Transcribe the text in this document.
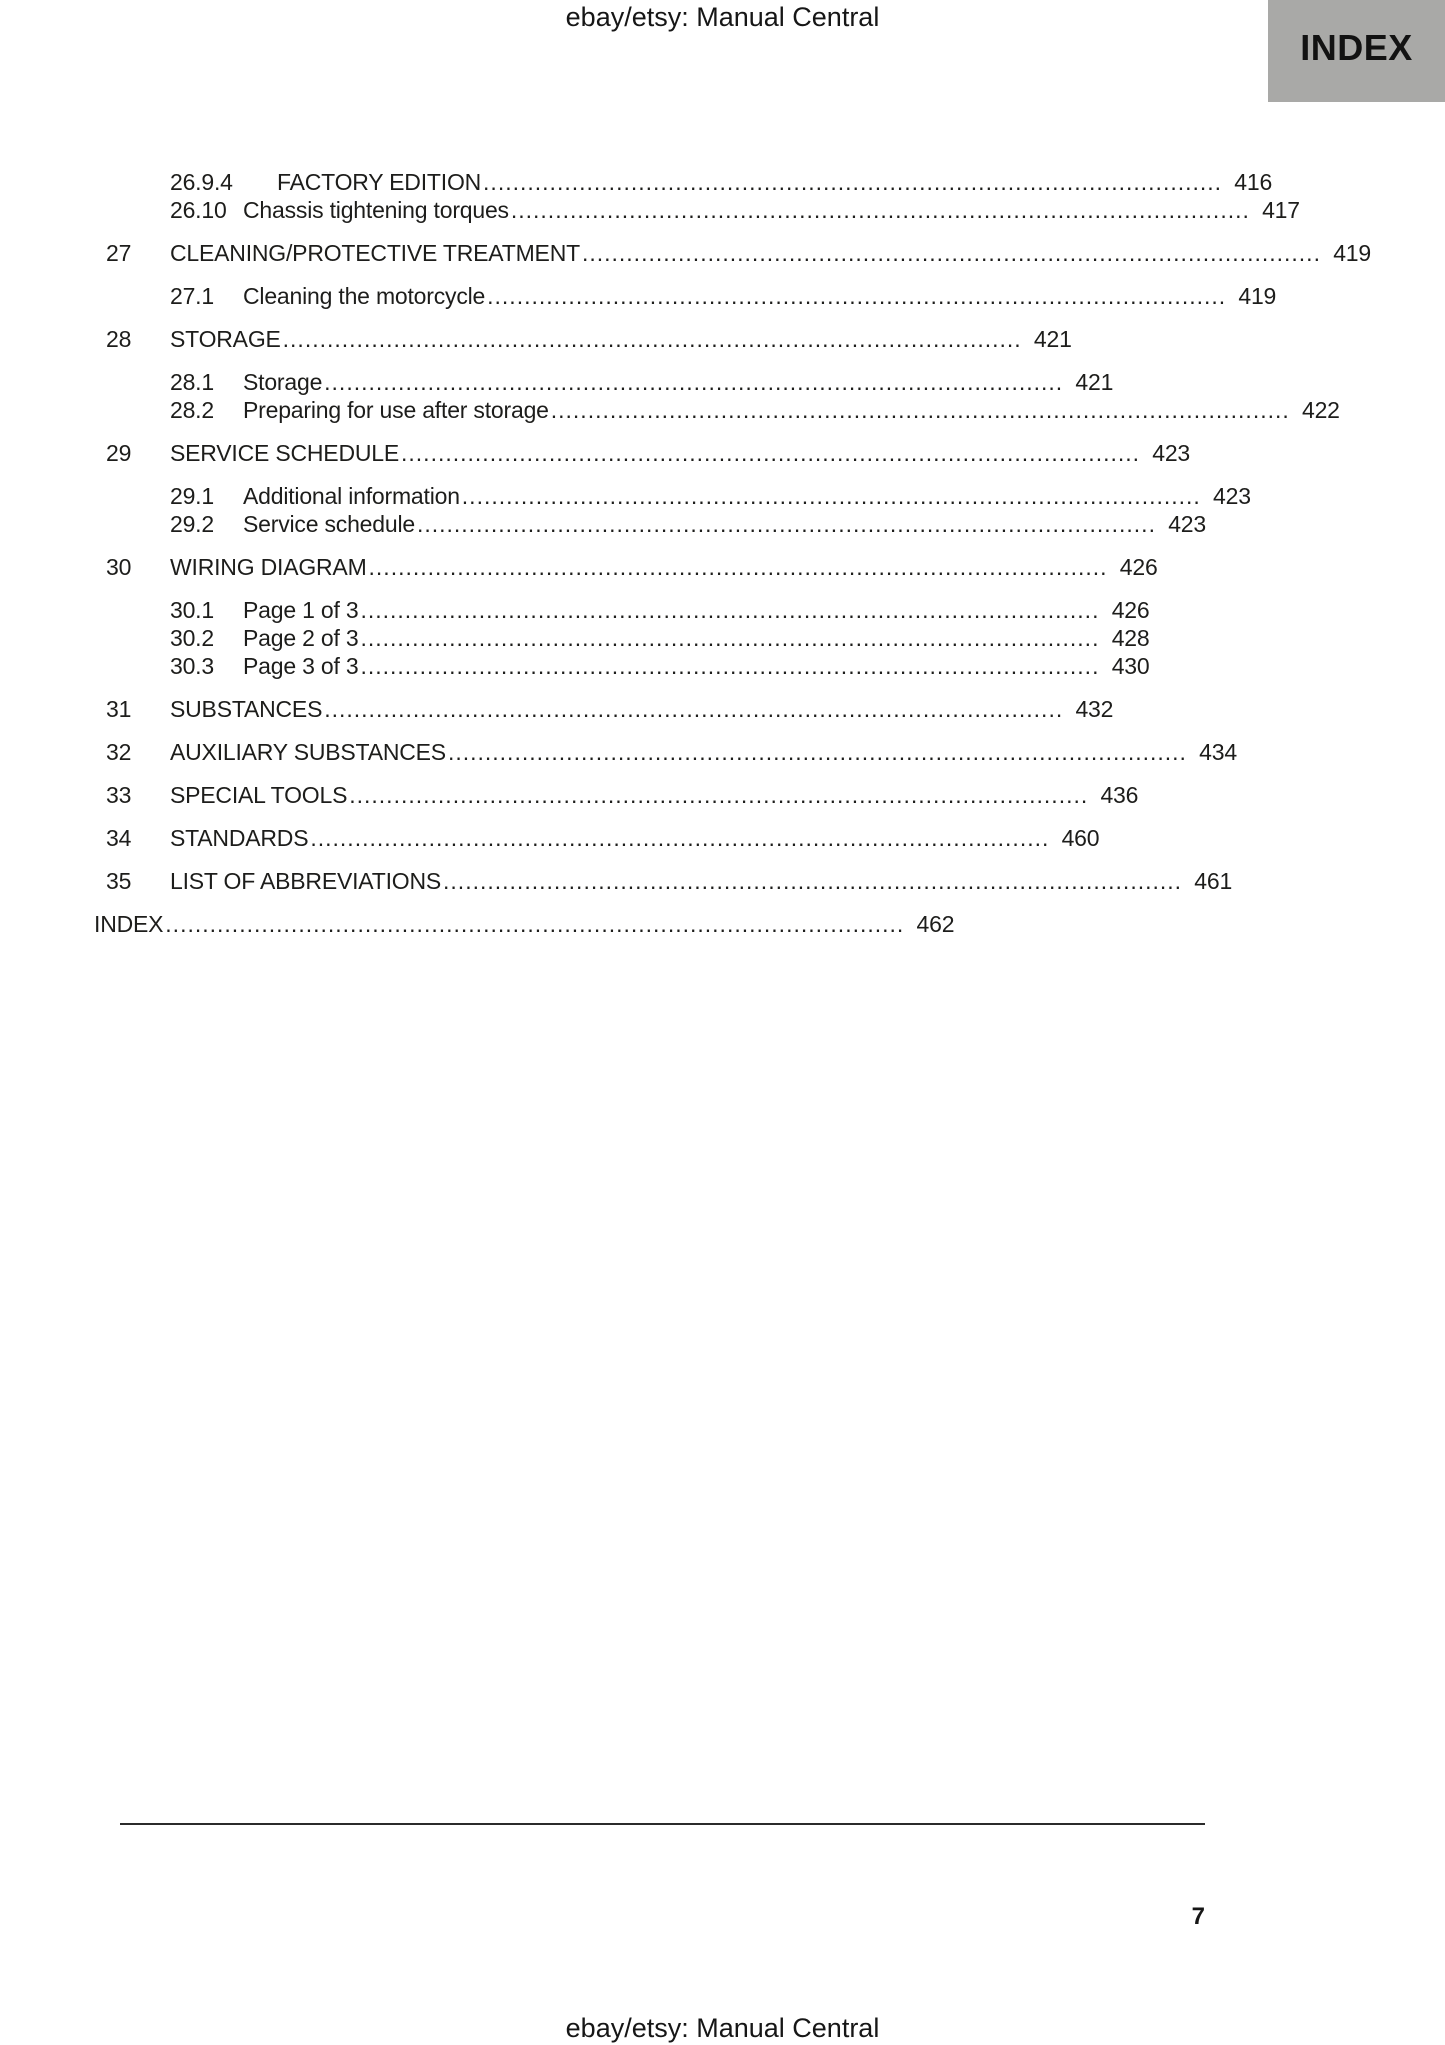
ebay/etsy: Manual Central
INDEX
26.9.4	FACTORY EDITION .................................................................................................... 416
26.10 Chassis tightening torques .................................................................................................... 417
27	CLEANING/PROTECTIVE TREATMENT .................................................................................................... 419
27.1	Cleaning the motorcycle .................................................................................................... 419
28	STORAGE .................................................................................................... 421
28.1	Storage .................................................................................................... 421
28.2	Preparing for use after storage .................................................................................................... 422
29	SERVICE SCHEDULE .................................................................................................... 423
29.1	Additional information .................................................................................................... 423
29.2	Service schedule .................................................................................................... 423
30	WIRING DIAGRAM .................................................................................................... 426
30.1	Page 1 of 3 .................................................................................................... 426
30.2	Page 2 of 3 .................................................................................................... 428
30.3	Page 3 of 3 .................................................................................................... 430
31	SUBSTANCES .................................................................................................... 432
32	AUXILIARY SUBSTANCES .................................................................................................... 434
33	SPECIAL TOOLS .................................................................................................... 436
34	STANDARDS .................................................................................................... 460
35	LIST OF ABBREVIATIONS .................................................................................................... 461
INDEX .................................................................................................... 462
7
ebay/etsy: Manual Central
